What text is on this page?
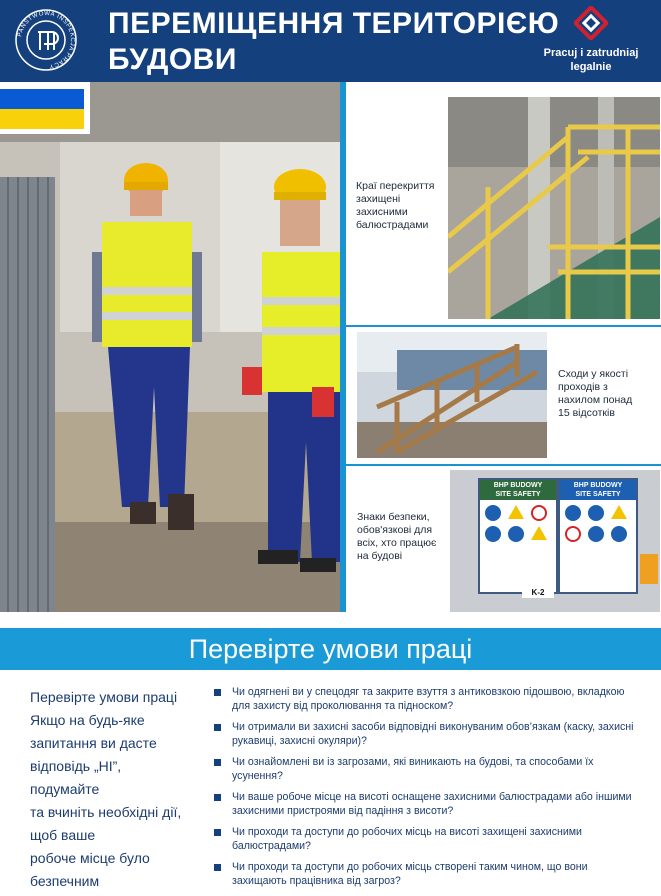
PAŃSTWOWA INSPEKCJA PRACY
ПЕРЕМІЩЕННЯ ТЕРИТОРІЄЮ
БУДОВИ	Pracuj i zatrudniaj
legalnie
Краї перекриття
захищені
захисними
балюстрадами
Сходи у якості
проходів з
нахилом понад
15 відсотків
Знаки безпеки,
обов'язкові для
всіх, хто працює
на будові
BHP BUDOWY
SITE SAFETY
BHP BUDOWY
SITE SAFETY
K-2
Перевірте умови праці
Перевірте умови праці
Якщо на будь-яке
запитання ви дасте
відповідь „НІ”,
подумайте
та вчиніть необхідні дії,
щоб ваше
робоче місце було
безпечним
Чи одягнені ви у спецодяг та закрите взуття з антиковзкою підошвою, вкладкою для захисту від проколювання та підноском?
Чи отримали ви захисні засоби відповідні виконуваним обов’язкам (каску, захисні рукавиці, захисні окуляри)?
Чи ознайомлені ви із загрозами, які виникають на будові, та способами їх усунення?
Чи ваше робоче місце на висоті оснащене захисними балюстрадами або іншими захисними пристроями від падіння з висоти?
Чи проходи та доступи до робочих місць на висоті захищені захисними балюстрадами?
Чи проходи та доступи до робочих місць створені таким чином, що вони захищають працівника від загроз?
